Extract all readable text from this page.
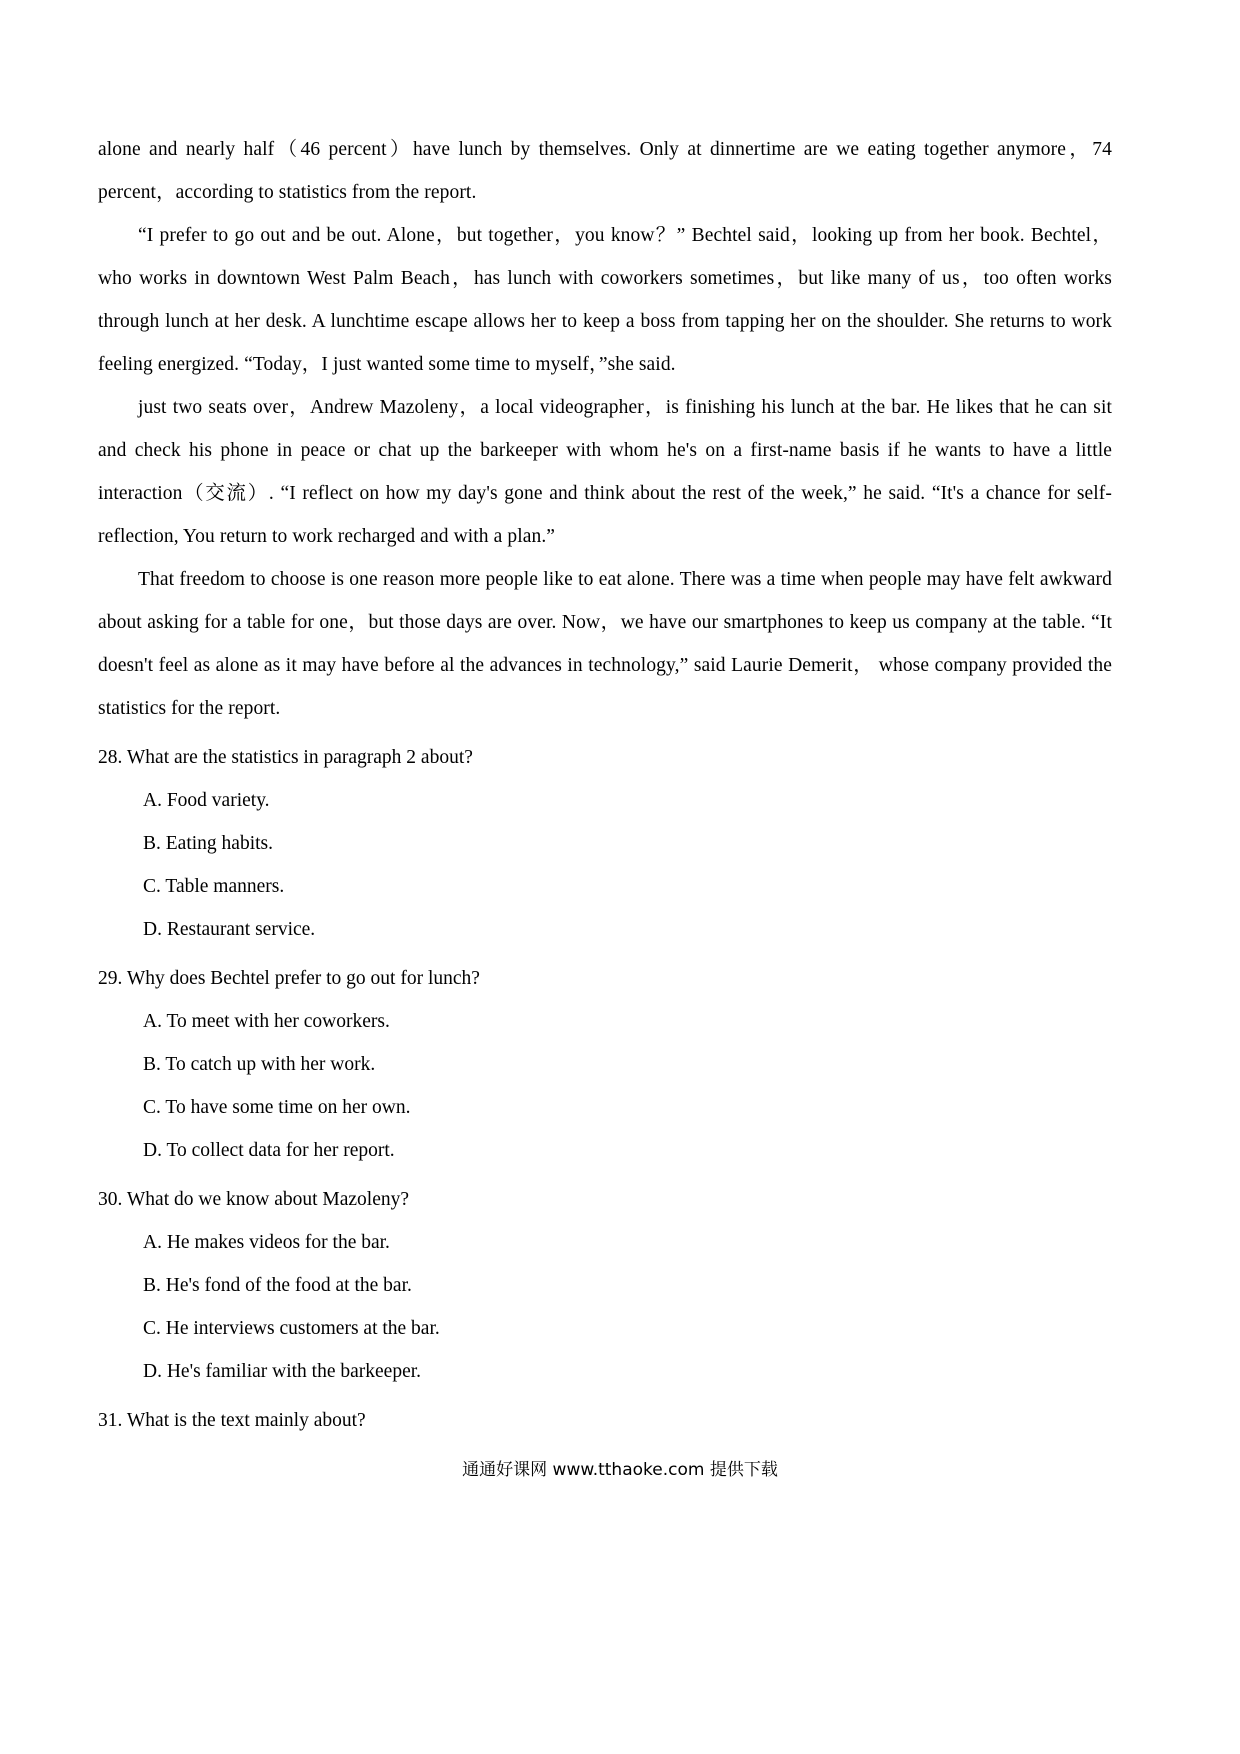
alone and nearly half（46 percent）have lunch by themselves. Only at dinnertime are we eating together anymore，74 percent，according to statistics from the report.

“I prefer to go out and be out. Alone，but together，you know？” Bechtel said，looking up from her book. Bechtel，who works in downtown West Palm Beach，has lunch with coworkers sometimes，but like many of us，too often works through lunch at her desk. A lunchtime escape allows her to keep a boss from tapping her on the shoulder. She returns to work feeling energized. “Today，I just wanted some time to myself，”she said.

just two seats over，Andrew Mazoleny，a local videographer，is finishing his lunch at the bar. He likes that he can sit and check his phone in peace or chat up the barkeeper with whom he's on a first-name basis if he wants to have a little interaction（交流）. “I reflect on how my day's gone and think about the rest of the week,” he said. “It's a chance for self-reflection, You return to work recharged and with a plan.”

That freedom to choose is one reason more people like to eat alone. There was a time when people may have felt awkward about asking for a table for one，but those days are over. Now，we have our smartphones to keep us company at the table. “It doesn't feel as alone as it may have before al the advances in technology,” said Laurie Demerit， whose company provided the statistics for the report.

28. What are the statistics in paragraph 2 about?

A. Food variety.

B. Eating habits.

C. Table manners.

D. Restaurant service.

29. Why does Bechtel prefer to go out for lunch?

A. To meet with her coworkers.

B. To catch up with her work.

C. To have some time on her own.

D. To collect data for her report.

30. What do we know about Mazoleny?

A. He makes videos for the bar.

B. He's fond of the food at the bar.

C. He interviews customers at the bar.

D. He's familiar with the barkeeper.

31. What is the text mainly about?

通通好课网 www.tthaoke.com 提供下载
